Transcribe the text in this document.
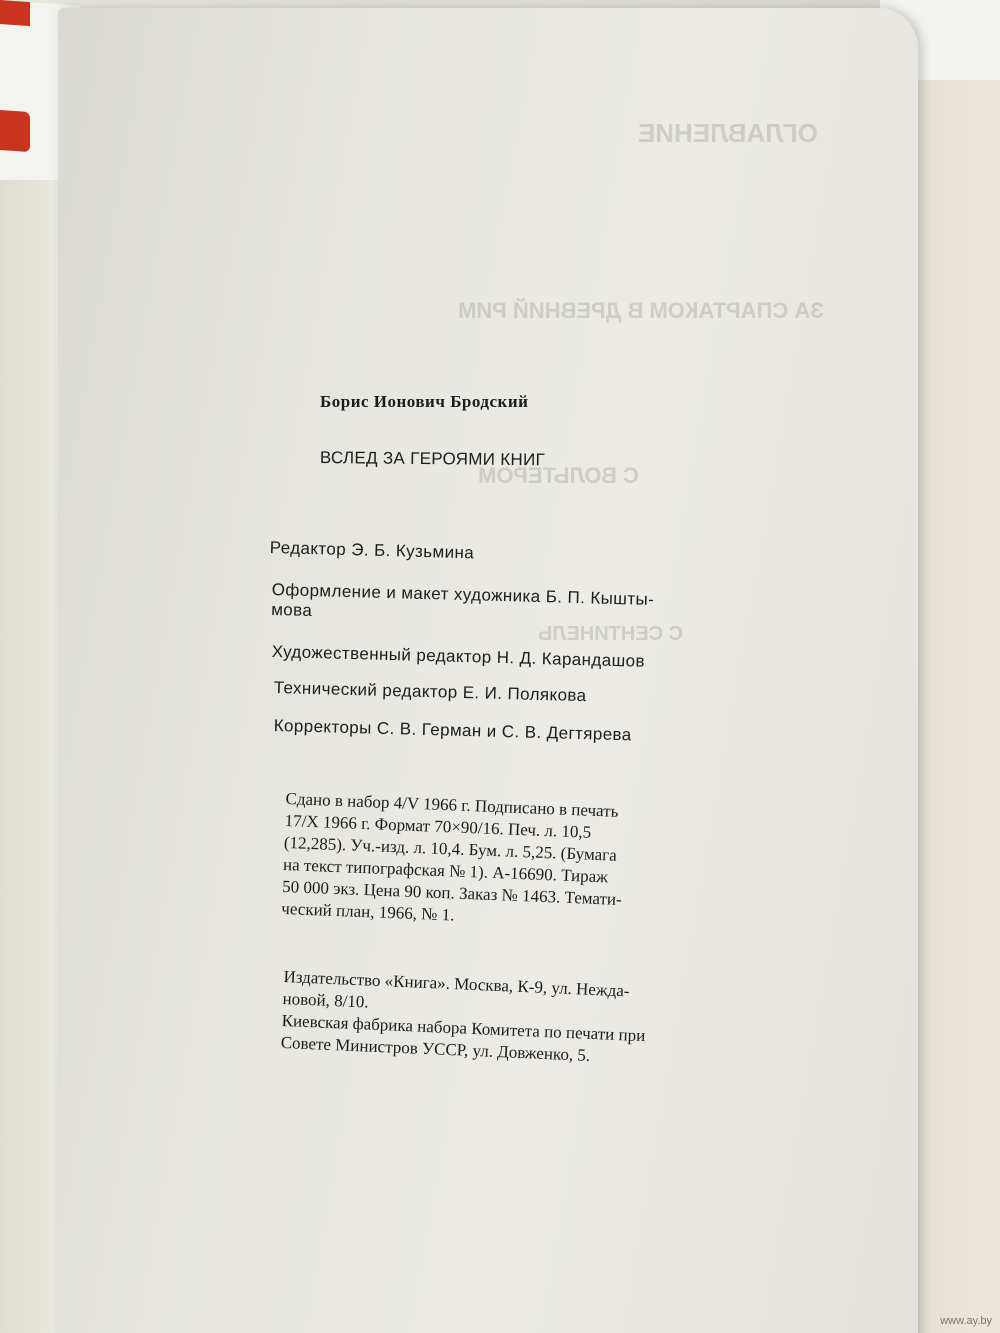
ОГЛАВЛЕНИЕ
ЗА СПАРТАКОМ В ДРЕВНИЙ РИМ
С ВОЛЬТЕРОМ
С СЕНТИНЕЛЬ
Борис Ионович Бродский
ВСЛЕД ЗА ГЕРОЯМИ КНИГ
Редактор Э. Б. Кузьмина
Оформление и макет художника Б. П. Кышты-
мова
Художественный редактор Н. Д. Карандашов
Технический редактор Е. И. Полякова
Корректоры С. В. Герман и С. В. Дегтярева
Сдано в набор 4/V 1966 г. Подписано в печать
17/X 1966 г. Формат 70×90/16. Печ. л. 10,5
(12,285). Уч.-изд. л. 10,4. Бум. л. 5,25. (Бумага
на текст типографская № 1). А-16690. Тираж
50 000 экз. Цена 90 коп. Заказ № 1463. Темати-
ческий план, 1966, № 1.
Издательство «Книга». Москва, К-9, ул. Нежда-
новой, 8/10.
Киевская фабрика набора Комитета по печати при
Совете Министров УССР, ул. Довженко, 5.
www.ay.by
